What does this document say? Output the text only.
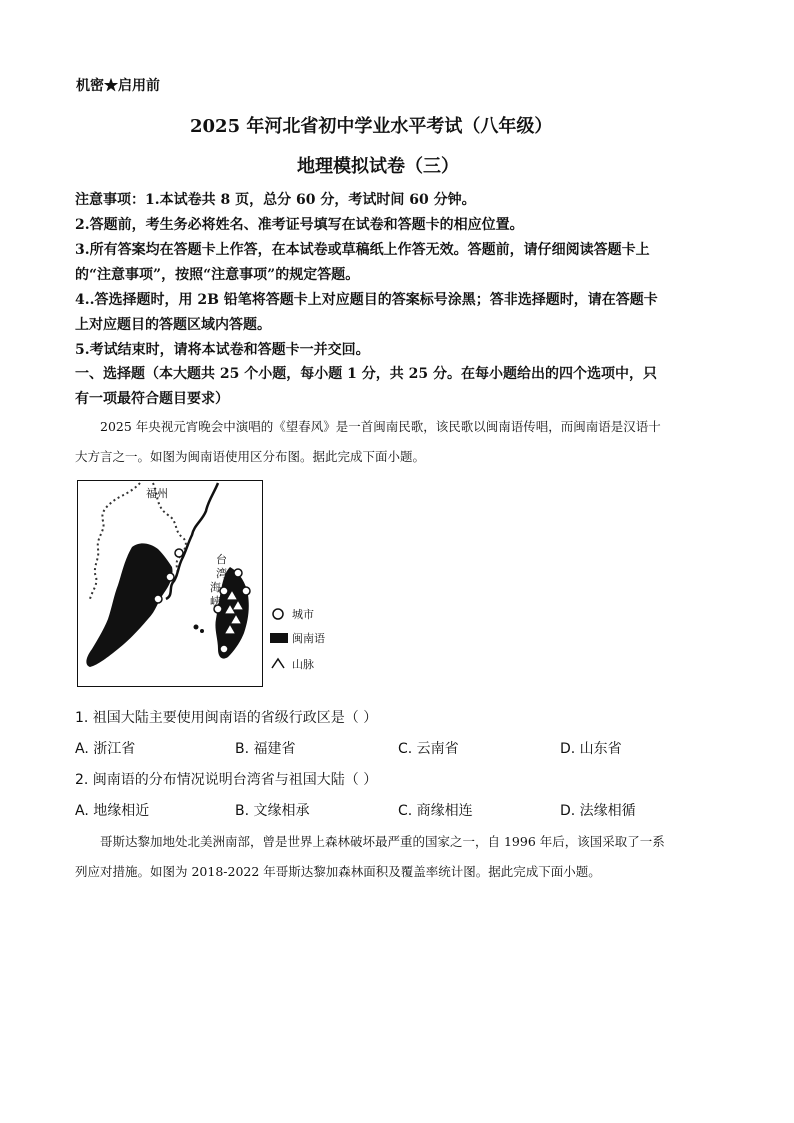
机密★启用前
2025 年河北省初中学业水平考试（八年级）
地理模拟试卷（三）
注意事项：1.本试卷共 8 页，总分 60 分，考试时间 60 分钟。
2.答题前，考生务必将姓名、准考证号填写在试卷和答题卡的相应位置。
3.所有答案均在答题卡上作答，在本试卷或草稿纸上作答无效。答题前，请仔细阅读答题卡上
的“注意事项”，按照“注意事项”的规定答题。
4..答选择题时，用 2B 铅笔将答题卡上对应题目的答案标号涂黑；答非选择题时，请在答题卡
上对应题目的答题区域内答题。
5.考试结束时，请将本试卷和答题卡一并交回。
一、选择题（本大题共 25 个小题，每小题 1 分，共 25 分。在每小题给出的四个选项中，只
有一项最符合题目要求）
2025 年央视元宵晚会中演唱的《望春风》是一首闽南民歌，该民歌以闽南语传唱，而闽南语是汉语十
大方言之一。如图为闽南语使用区分布图。据此完成下面小题。
福州
台
湾
海
峡
城市
闽南语
山脉
1. 祖国大陆主要使用闽南语的省级行政区是（ ）
A. 浙江省	B. 福建省	C. 云南省	D. 山东省
2. 闽南语的分布情况说明台湾省与祖国大陆（ ）
A. 地缘相近	B. 文缘相承	C. 商缘相连	D. 法缘相循
哥斯达黎加地处北美洲南部，曾是世界上森林破坏最严重的国家之一，自 1996 年后，该国采取了一系
列应对措施。如图为 2018-2022 年哥斯达黎加森林面积及覆盖率统计图。据此完成下面小题。
